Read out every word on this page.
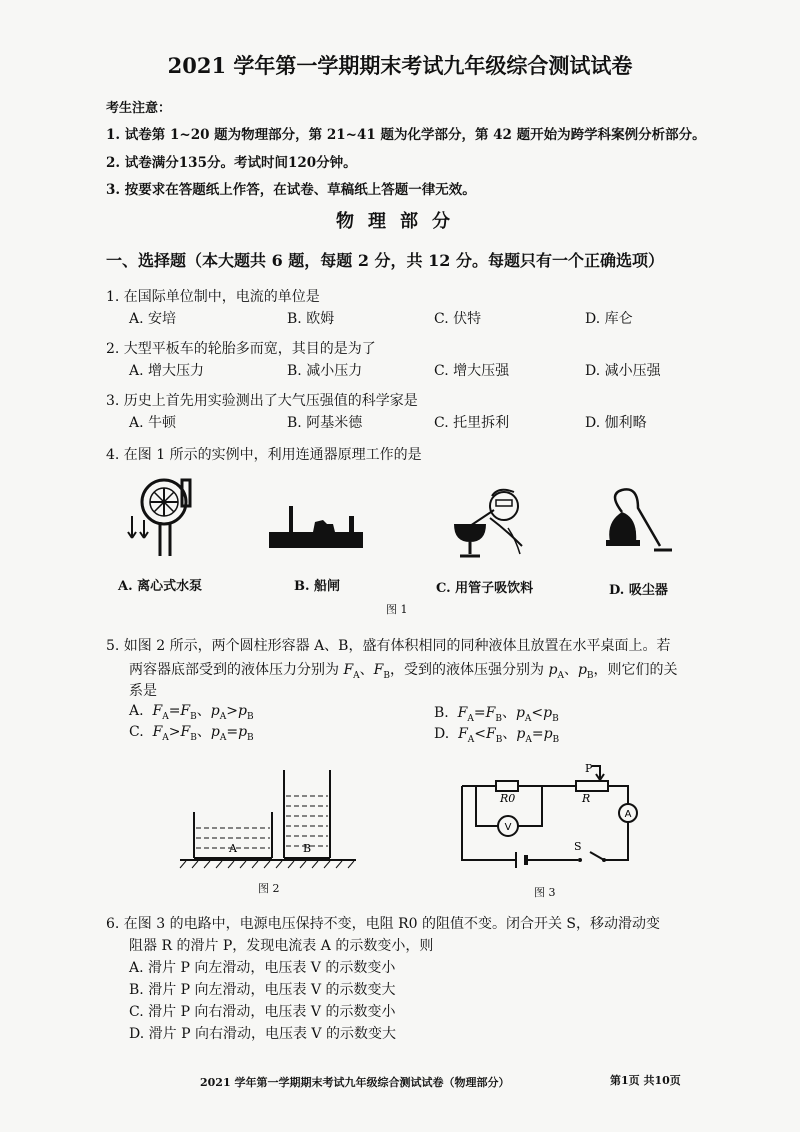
2021 学年第一学期期末考试九年级综合测试试卷
考生注意：
1. 试卷第 1~20 题为物理部分，第 21~41 题为化学部分，第 42 题开始为跨学科案例分析部分。
2. 试卷满分135分。考试时间120分钟。
3. 按要求在答题纸上作答，在试卷、草稿纸上答题一律无效。
物理部分
一、选择题（本大题共 6 题，每题 2 分，共 12 分。每题只有一个正确选项）
1. 在国际单位制中，电流的单位是
A. 安培	B. 欧姆	C. 伏特	D. 库仑
2. 大型平板车的轮胎多而宽，其目的是为了
A. 增大压力	B. 减小压力	C. 增大压强	D. 减小压强
3. 历史上首先用实验测出了大气压强值的科学家是
A. 牛顿	B. 阿基米德	C. 托里拆利	D. 伽利略
4. 在图 1 所示的实例中，利用连通器原理工作的是
A. 离心式水泵	B. 船闸	C. 用管子吸饮料	D. 吸尘器
图 1
5. 如图 2 所示，两个圆柱形容器 A、B，盛有体积相同的同种液体且放置在水平桌面上。若
两容器底部受到的液体压力分别为 $F_A$、$F_B$，受到的液体压强分别为 $p_A$、$p_B$，则它们的关
系是
A.  $F_A=F_B$、$p_A>p_B$	B.  $F_A=F_B$、$p_A<p_B$
C.  $F_A>F_B$、$p_A=p_B$	D.  $F_A<F_B$、$p_A=p_B$
A	B
图 2
P
R0	R
V
A
S
图 3
6. 在图 3 的电路中，电源电压保持不变，电阻 R0 的阻值不变。闭合开关 S，移动滑动变
阻器 R 的滑片 P，发现电流表 A 的示数变小，则
A. 滑片 P 向左滑动，电压表 V 的示数变小
B. 滑片 P 向左滑动，电压表 V 的示数变大
C. 滑片 P 向右滑动，电压表 V 的示数变小
D. 滑片 P 向右滑动，电压表 V 的示数变大
2021 学年第一学期期末考试九年级综合测试试卷（物理部分）	第1页 共10页
